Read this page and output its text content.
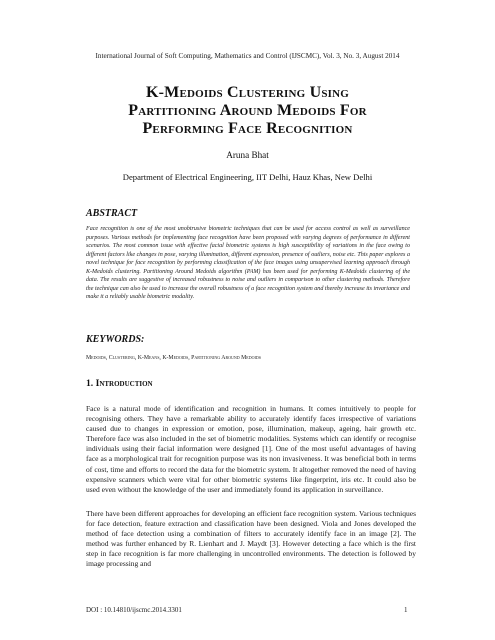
International Journal of Soft Computing, Mathematics and Control (IJSCMC), Vol. 3, No. 3, August 2014
K-Medoids Clustering Using
Partitioning Around Medoids For
Performing Face Recognition
Aruna Bhat
Department of Electrical Engineering, IIT Delhi, Hauz Khas, New Delhi
ABSTRACT
Face recognition is one of the most unobtrusive biometric techniques that can be used for access control as well as surveillance purposes. Various methods for implementing face recognition have been proposed with varying degrees of performance in different scenarios. The most common issue with effective facial biometric systems is high susceptibility of variations in the face owing to different factors like changes in pose, varying illumination, different expression, presence of outliers, noise etc. This paper explores a novel technique for face recognition by performing classification of the face images using unsupervised learning approach through K-Medoids clustering. Partitioning Around Medoids algorithm (PAM) has been used for performing K-Medoids clustering of the data. The results are suggestive of increased robustness to noise and outliers in comparison to other clustering methods. Therefore the technique can also be used to increase the overall robustness of a face recognition system and thereby increase its invariance and make it a reliably usable biometric modality.
KEYWORDS:
Medoids, Clustering, K-Means, K-Medoids, Partitioning Around Medoids
1. Introduction
Face is a natural mode of identification and recognition in humans. It comes intuitively to people for recognising others. They have a remarkable ability to accurately identify faces irrespective of variations caused due to changes in expression or emotion, pose, illumination, makeup, ageing, hair growth etc. Therefore face was also included in the set of biometric modalities. Systems which can identify or recognise individuals using their facial information were designed [1]. One of the most useful advantages of having face as a morphological trait for recognition purpose was its non invasiveness. It was beneficial both in terms of cost, time and efforts to record the data for the biometric system. It altogether removed the need of having expensive scanners which were vital for other biometric systems like fingerprint, iris etc. It could also be used even without the knowledge of the user and immediately found its application in surveillance.
There have been different approaches for developing an efficient face recognition system. Various techniques for face detection, feature extraction and classification have been designed. Viola and Jones developed the method of face detection using a combination of filters to accurately identify face in an image [2]. The method was further enhanced by R. Lienhart and J. Maydt [3]. However detecting a face which is the first step in face recognition is far more challenging in uncontrolled environments. The detection is followed by image processing and
DOI : 10.14810/ijscmc.2014.3301	1
